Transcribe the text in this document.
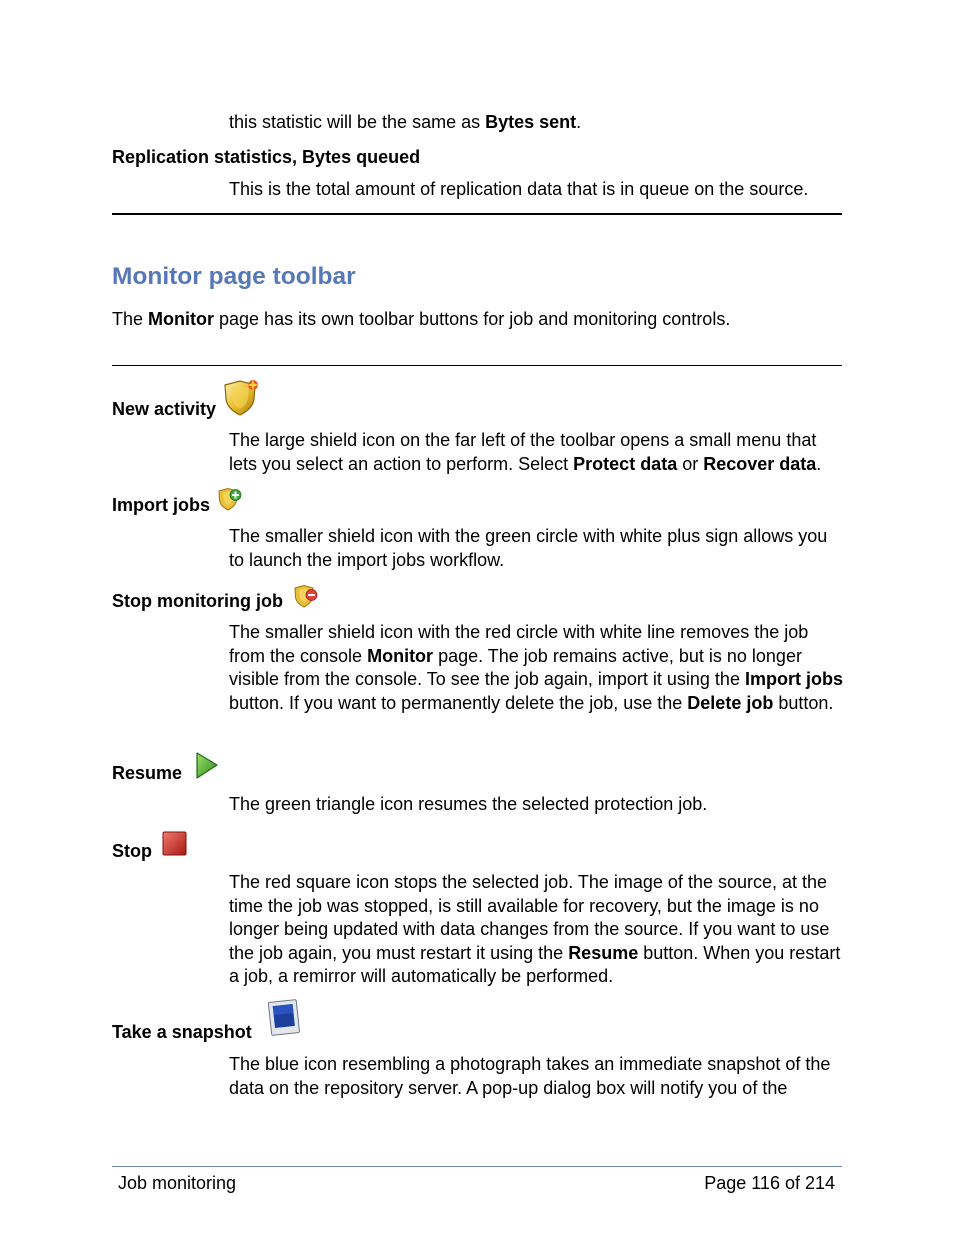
this statistic will be the same as Bytes sent.
Replication statistics, Bytes queued
This is the total amount of replication data that is in queue on the source.
Monitor page toolbar
The Monitor page has its own toolbar buttons for job and monitoring controls.
New activity
The large shield icon on the far left of the toolbar opens a small menu that lets you select an action to perform. Select Protect data or Recover data.
Import jobs
The smaller shield icon with the green circle with white plus sign allows you to launch the import jobs workflow.
Stop monitoring job
The smaller shield icon with the red circle with white line removes the job from the console Monitor page. The job remains active, but is no longer visible from the console. To see the job again, import it using the Import jobs button. If you want to permanently delete the job, use the Delete job button.
Resume
The green triangle icon resumes the selected protection job.
Stop
The red square icon stops the selected job. The image of the source, at the time the job was stopped, is still available for recovery, but the image is no longer being updated with data changes from the source. If you want to use the job again, you must restart it using the Resume button. When you restart a job, a remirror will automatically be performed.
Take a snapshot
The blue icon resembling a photograph takes an immediate snapshot of the data on the repository server. A pop-up dialog box will notify you of the
Job monitoring	Page 116 of 214
